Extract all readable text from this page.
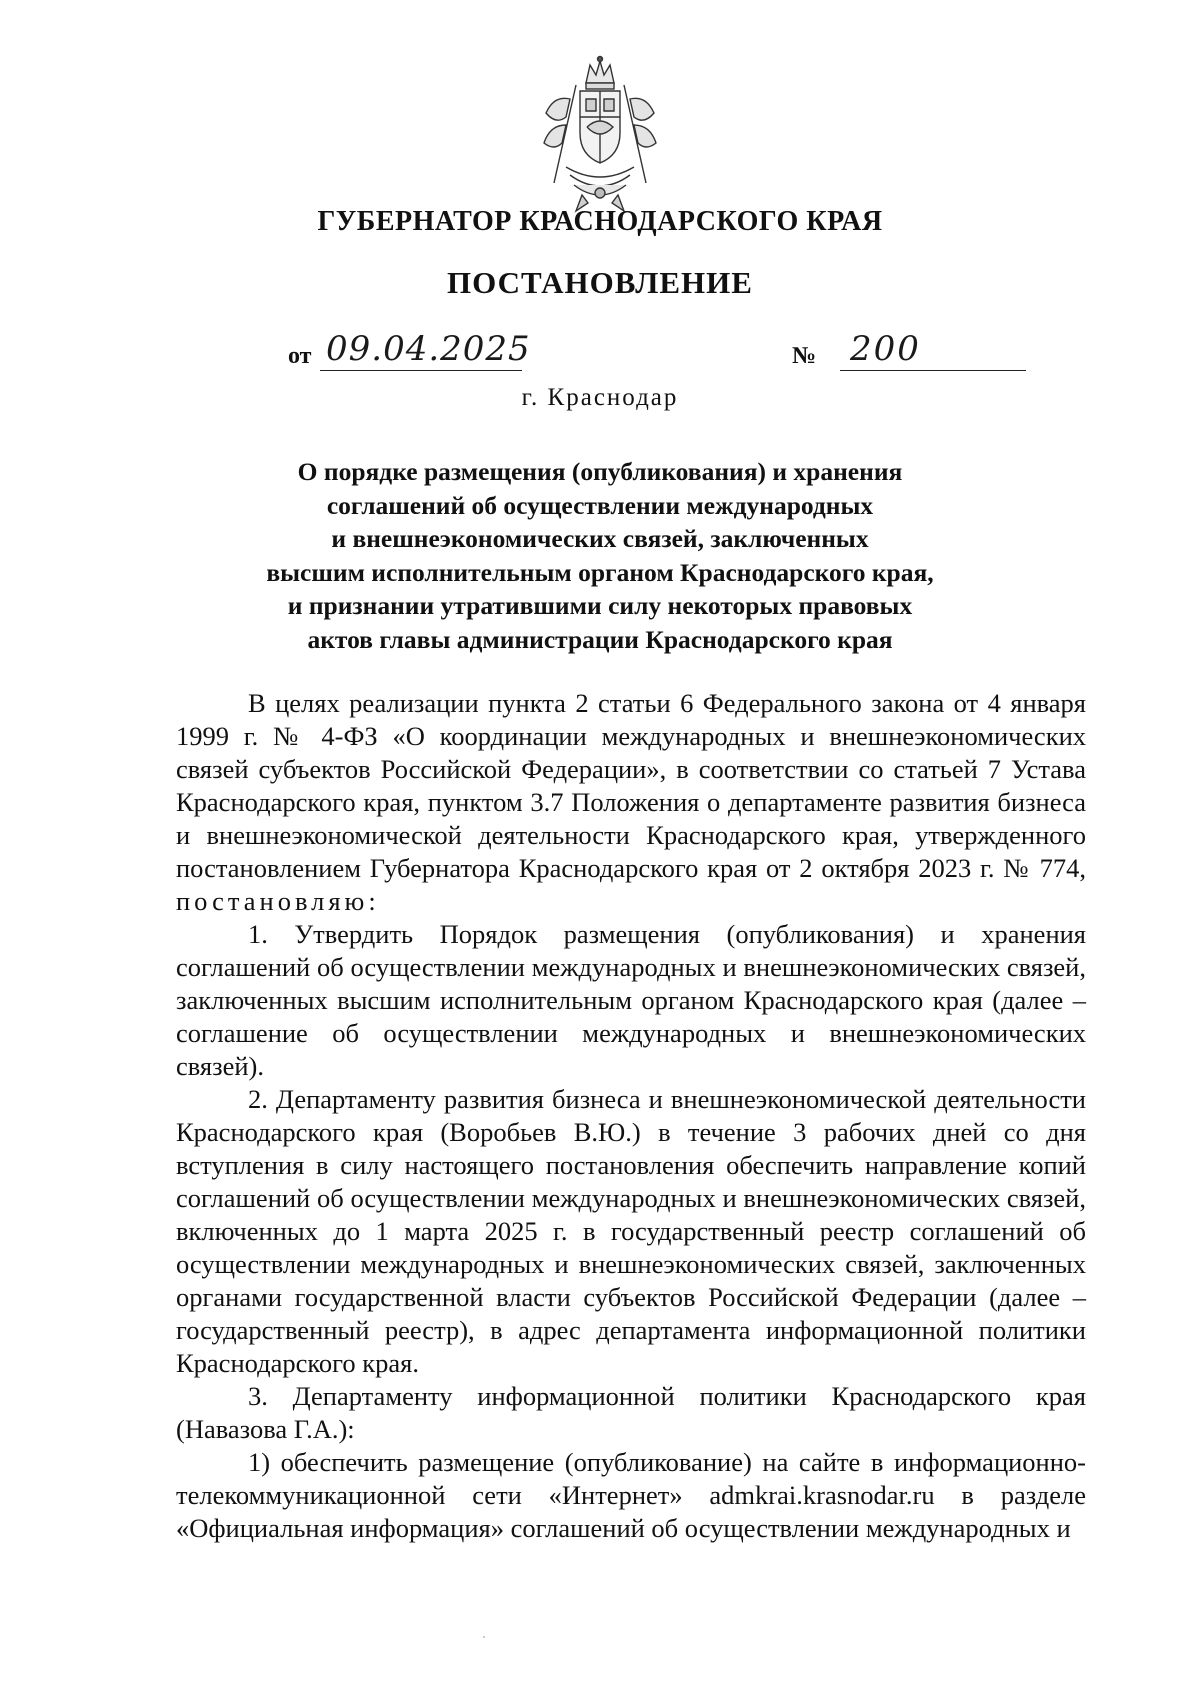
ГУБЕРНАТОР КРАСНОДАРСКОГО КРАЯ
ПОСТАНОВЛЕНИЕ
от 09.04.2025	№ 200
г. Краснодар
О порядке размещения (опубликования) и хранения
соглашений об осуществлении международных
и внешнеэкономических связей, заключенных
высшим исполнительным органом Краснодарского края,
и признании утратившими силу некоторых правовых
актов главы администрации Краснодарского края

В целях реализации пункта 2 статьи 6 Федерального закона от 4 января 1999 г. № 4-ФЗ «О координации международных и внешнеэкономических связей субъектов Российской Федерации», в соответствии со статьей 7 Устава Краснодарского края, пунктом 3.7 Положения о департаменте развития бизнеса и внешнеэкономической деятельности Краснодарского края, утвержденного постановлением Губернатора Краснодарского края от 2 октября 2023 г. № 774, постановляю:

1. Утвердить Порядок размещения (опубликования) и хранения соглашений об осуществлении международных и внешнеэкономических связей, заключенных высшим исполнительным органом Краснодарского края (далее – соглашение об осуществлении международных и внешнеэкономических связей).

2. Департаменту развития бизнеса и внешнеэкономической деятельности Краснодарского края (Воробьев В.Ю.) в течение 3 рабочих дней со дня вступления в силу настоящего постановления обеспечить направление копий соглашений об осуществлении международных и внешнеэкономических связей, включенных до 1 марта 2025 г. в государственный реестр соглашений об осуществлении международных и внешнеэкономических связей, заключенных органами государственной власти субъектов Российской Федерации (далее – государственный реестр), в адрес департамента информационной политики Краснодарского края.

3. Департаменту информационной политики Краснодарского края (Навазова Г.А.):

1) обеспечить размещение (опубликование) на сайте в информационно-телекоммуникационной сети «Интернет» admkrai.krasnodar.ru в разделе «Официальная информация» соглашений об осуществлении международных и
